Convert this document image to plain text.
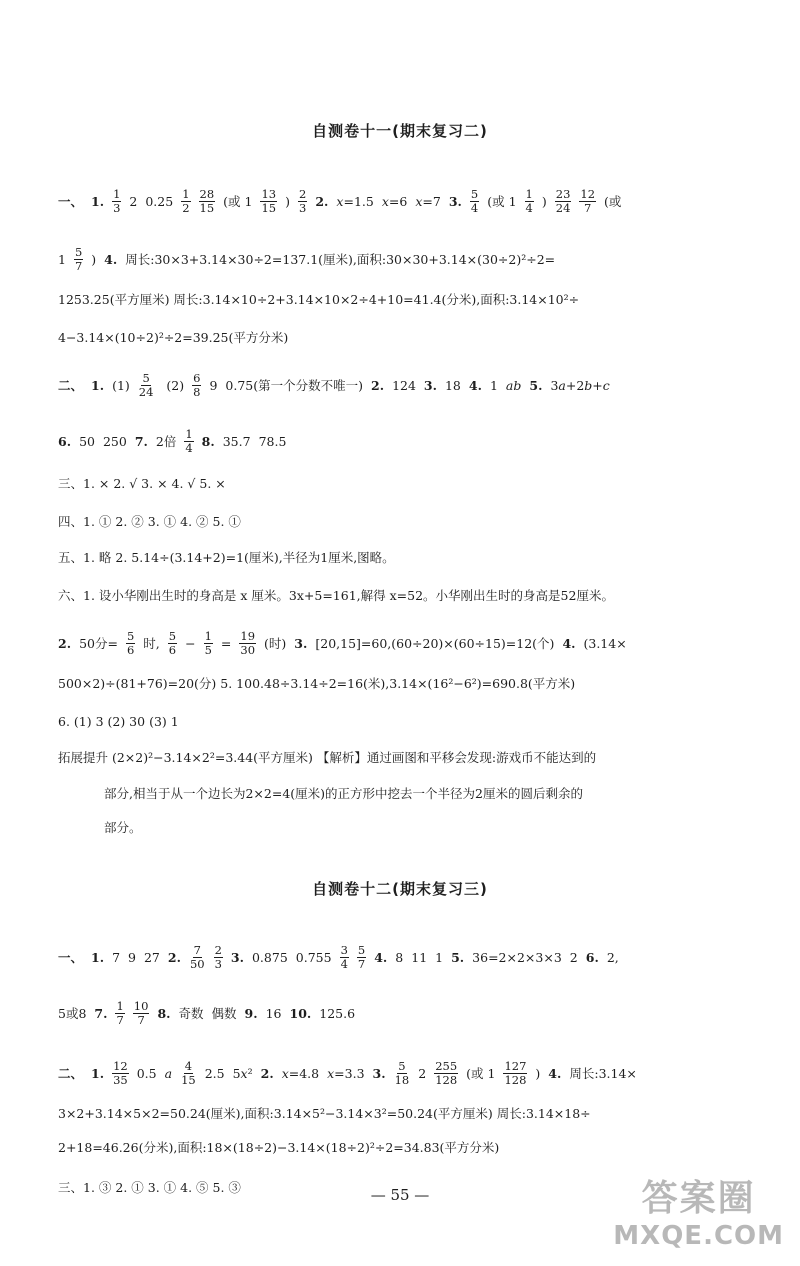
自测卷十一(期末复习二)
一、 1. $\frac{1}{3} 2$ $0.25 \frac{1}{2} \frac{28}{15}$ (或 $1 \frac{13}{15}$ ) $\frac{2}{3} 2$. x=1.5 x=6 x=7 3. $\frac{5}{4}$ (或 $1 \frac{1}{4}$ ) $\frac{23}{24} \frac{12}{7}$ (或
$1 \frac{5}{7}$ ) 4. 周长:30×3+3.14×30÷2=137.1(厘米),面积:30×30+3.14×(30÷2)²÷2=
1253.25(平方厘米) 周长:3.14×10÷2+3.14×10×2÷4+10=41.4(分米),面积:3.14×10²÷
4−3.14×(10÷2)²÷2=39.25(平方分米)
二、 1. $(1) \frac{5}{24} (2) \frac{6}{8} 9$ 0.75(第一个分数不唯一) 2. 124 3. 18 4. 1 ab 5. 3a+2b+c
6. 50 250 7. 2倍 $\frac{1}{4} 8$. 35.7 78.5
三、1. × 2. √ 3. × 4. √ 5. ×
四、1. ① 2. ② 3. ① 4. ② 5. ①
五、1. 略 2. 5.14÷(3.14+2)=1(厘米),半径为1厘米,图略。
六、1. 设小华刚出生时的身高是 x 厘米。3x+5=161,解得 x=52。小华刚出生时的身高是52厘米。
2. 50分= $\frac{5}{6}$ 时, $\frac{5}{6} - \frac{1}{5} = \frac{19}{30}$ (时) 3. [20,15]=60,(60÷20)×(60÷15)=12(个) 4. (3.14×
500×2)÷(81+76)=20(分) 5. 100.48÷3.14÷2=16(米),3.14×(16²−6²)=690.8(平方米)
6. (1) 3 (2) 30 (3) 1
拓展提升 (2×2)²−3.14×2²=3.44(平方厘米) 【解析】通过画图和平移会发现:游戏币不能达到的
部分,相当于从一个边长为2×2=4(厘米)的正方形中挖去一个半径为2厘米的圆后剩余的
部分。
自测卷十二(期末复习三)
一、 1. 7 9 27 2. $\frac{7}{50} \frac{2}{3} 3$. 0.875 $0.755 \frac{3}{4} \frac{5}{7} 4$. 8 11 1 5. 36=2×2×3×3 2 6. 2,
5或8 7. $\frac{1}{7} \frac{10}{7} 8$. 奇数 偶数 9. 16 10. 125.6
二、 1. $\frac{12}{35} 0.5$ a $\frac{4}{15} 2.5$ 5x² 2. x=4.8 x=3.3 3. $\frac{5}{18} 2 \frac{255}{128}$ (或 $1 \frac{127}{128}$ ) 4. 周长:3.14×
3×2+3.14×5×2=50.24(厘米),面积:3.14×5²−3.14×3²=50.24(平方厘米) 周长:3.14×18÷
2+18=46.26(分米),面积:18×(18÷2)−3.14×(18÷2)²÷2=34.83(平方分米)
三、1. ③ 2. ① 3. ① 4. ⑤ 5. ③	— 55 —	答案圈
MXQE.COM
